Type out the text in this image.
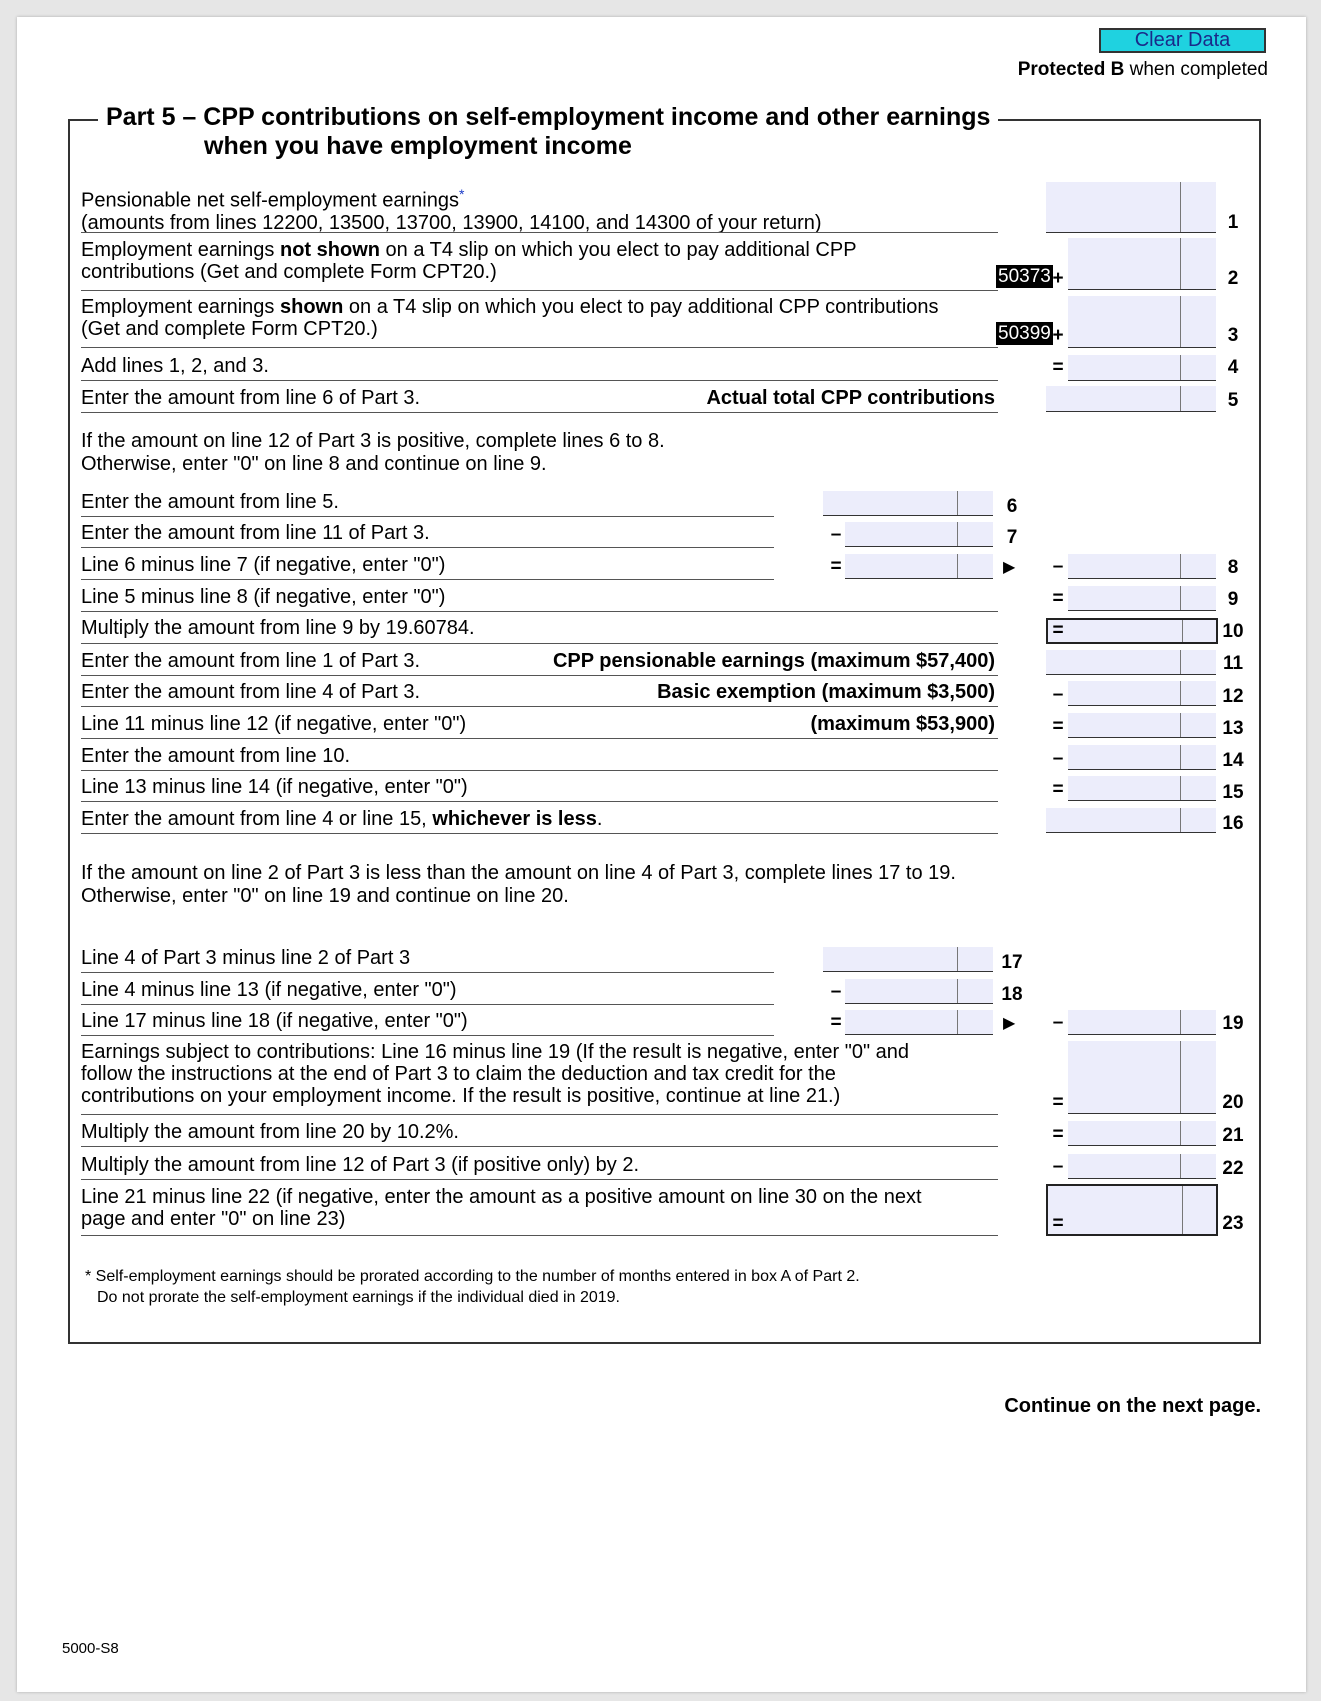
Clear Data
Protected B when completed
Part 5 – CPP contributions on self-employment income and other earnings
when you have employment income
Pensionable net self-employment earnings*
(amounts from lines 12200, 13500, 13700, 13900, 14100, and 14300 of your return)	1
Employment earnings not shown on a T4 slip on which you elect to pay additional CPP
contributions (Get and complete Form CPT20.)	50373 +	2
Employment earnings shown on a T4 slip on which you elect to pay additional CPP contributions
(Get and complete Form CPT20.)	50399 +	3
Add lines 1, 2, and 3.	=	4
Enter the amount from line 6 of Part 3.	Actual total CPP contributions	5
If the amount on line 12 of Part 3 is positive, complete lines 6 to 8.
Otherwise, enter "0" on line 8 and continue on line 9.
Enter the amount from line 5.	6
Enter the amount from line 11 of Part 3.	–	7
Line 6 minus line 7 (if negative, enter "0")	=	▶ –	8
Line 5 minus line 8 (if negative, enter "0")	=	9
Multiply the amount from line 9 by 19.60784.	=	10
Enter the amount from line 1 of Part 3.	CPP pensionable earnings (maximum $57,400)	11
Enter the amount from line 4 of Part 3.	Basic exemption (maximum $3,500)	–	12
Line 11 minus line 12 (if negative, enter "0")	(maximum $53,900)	=	13
Enter the amount from line 10.	–	14
Line 13 minus line 14 (if negative, enter "0")	=	15
Enter the amount from line 4 or line 15, whichever is less.	16
If the amount on line 2 of Part 3 is less than the amount on line 4 of Part 3, complete lines 17 to 19.
Otherwise, enter "0" on line 19 and continue on line 20.
Line 4 of Part 3 minus line 2 of Part 3	17
Line 4 minus line 13 (if negative, enter "0")	–	18
Line 17 minus line 18 (if negative, enter "0")	=	▶ –	19
Earnings subject to contributions: Line 16 minus line 19 (If the result is negative, enter "0" and
follow the instructions at the end of Part 3 to claim the deduction and tax credit for the
contributions on your employment income. If the result is positive, continue at line 21.)	=	20
Multiply the amount from line 20 by 10.2%.	=	21
Multiply the amount from line 12 of Part 3 (if positive only) by 2.	–	22
Line 21 minus line 22 (if negative, enter the amount as a positive amount on line 30 on the next
page and enter "0" on line 23)	=	23
* Self-employment earnings should be prorated according to the number of months entered in box A of Part 2.
Do not prorate the self-employment earnings if the individual died in 2019.
Continue on the next page.
5000-S8
